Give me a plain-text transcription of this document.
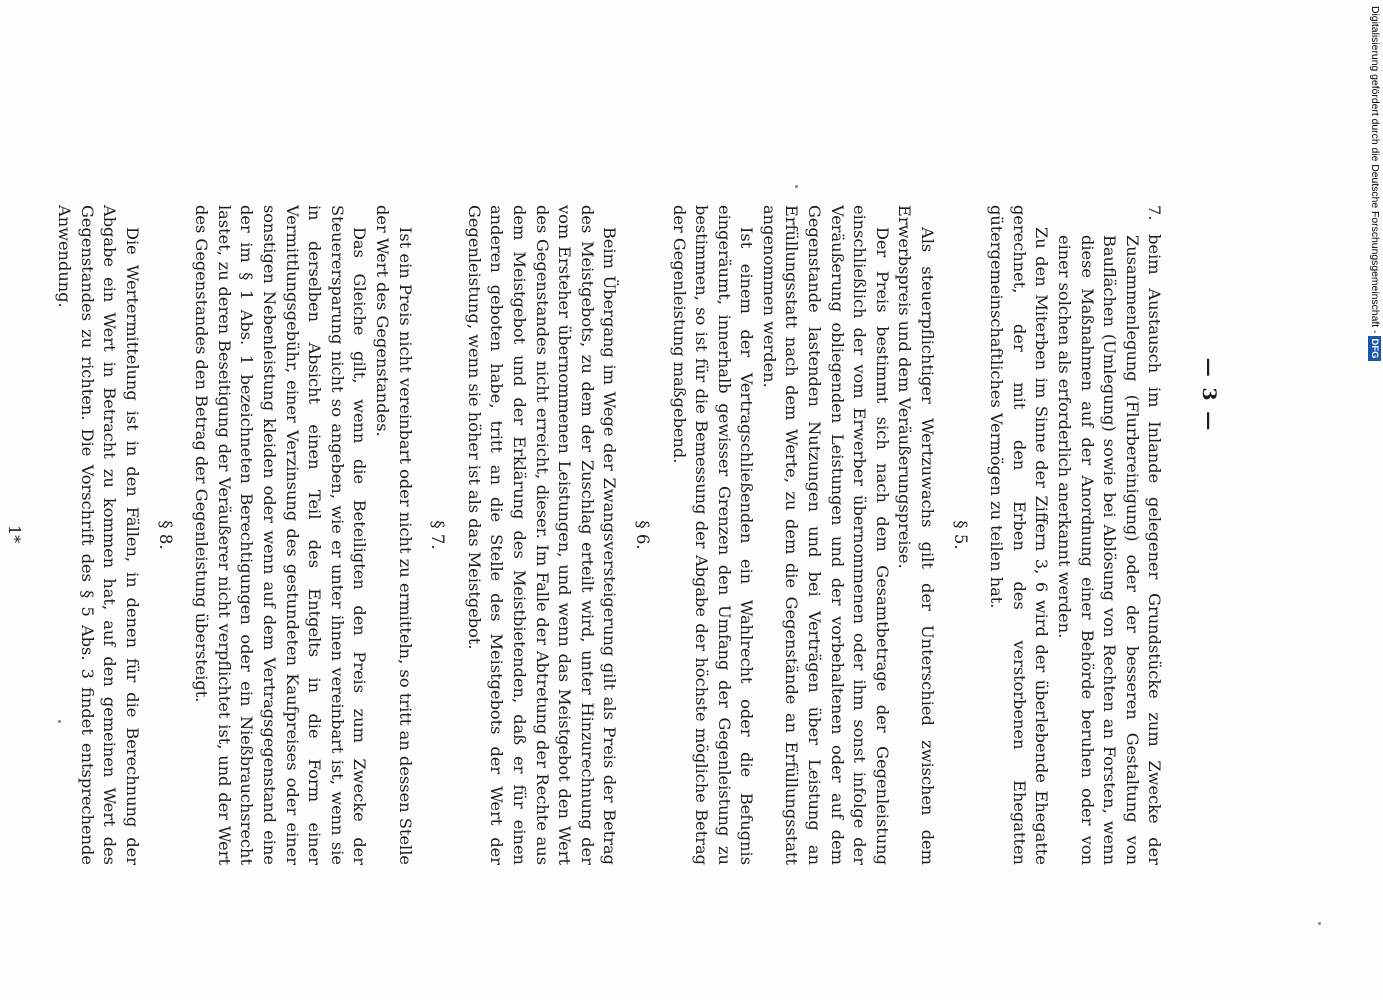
— 3 —

7. beim Austausch im Inlande gelegener Grundstücke zum Zwecke der Zusammenlegung (Flurbereinigung) oder der besseren Gestaltung von Bauflächen (Umlegung) sowie bei Ablösung von Rechten an Forsten, wenn diese Maßnahmen auf der Anordnung einer Behörde beruhen oder von einer solchen als erforderlich anerkannt werden.

Zu den Miterben im Sinne der Ziffern 3, 6 wird der überlebende Ehegatte gerechnet, der mit den Erben des verstorbenen Ehegatten gütergemeinschaftliches Vermögen zu teilen hat.

§ 5.

Als steuerpflichtiger Wertzuwachs gilt der Unterschied zwischen dem Erwerbspreis und dem Veräußerungspreise.

Der Preis bestimmt sich nach dem Gesamtbetrage der Gegenleistung einschließlich der vom Erwerber übernommenen oder ihm sonst infolge der Veräußerung obliegenden Leistungen und der vorbehaltenen oder auf dem Gegenstande lastenden Nutzungen und bei Verträgen über Leistung an Erfüllungsstatt nach dem Werte, zu dem die Gegenstände an Erfüllungsstatt angenommen werden.

Ist einem der Vertragschließenden ein Wahlrecht oder die Befugnis eingeräumt, innerhalb gewisser Grenzen den Umfang der Gegenleistung zu bestimmen, so ist für die Bemessung der Abgabe der höchste mögliche Betrag der Gegenleistung maßgebend.

§ 6.

Beim Übergang im Wege der Zwangsversteigerung gilt als Preis der Betrag des Meistgebots, zu dem der Zuschlag erteilt wird, unter Hinzurechnung der vom Ersteher übernommenen Leistungen, und wenn das Meistgebot den Wert des Gegenstandes nicht erreicht, dieser. Im Falle der Abtretung der Rechte aus dem Meistgebot und der Erklärung des Meistbietenden, daß er für einen anderen geboten habe, tritt an die Stelle des Meistgebots der Wert der Gegenleistung, wenn sie höher ist als das Meistgebot.

§ 7.

Ist ein Preis nicht vereinbart oder nicht zu ermitteln, so tritt an dessen Stelle der Wert des Gegenstandes.

Das Gleiche gilt, wenn die Beteiligten den Preis zum Zwecke der Steuerersparung nicht so angeben, wie er unter ihnen vereinbart ist, wenn sie in derselben Absicht einen Teil des Entgelts in die Form einer Vermittlungsgebühr, einer Verzinsung des gestundeten Kaufpreises oder einer sonstigen Nebenleistung kleiden oder wenn auf dem Vertragsgegenstand eine der im § 1 Abs. 1 bezeichneten Berechtigungen oder ein Nießbrauchsrecht lastet, zu deren Beseitigung der Veräußerer nicht verpflichtet ist, und der Wert des Gegenstandes den Betrag der Gegenleistung übersteigt.

§ 8.

Die Wertermittelung ist in den Fällen, in denen für die Berechnung der Abgabe ein Wert in Betracht zu kommen hat, auf den gemeinen Wert des Gegenstandes zu richten. Die Vorschrift des § 5 Abs. 3 findet entsprechende Anwendung.

1*
Digitalisierung gefördert durch die Deutsche Forschungsgemeinschaft -DFG
